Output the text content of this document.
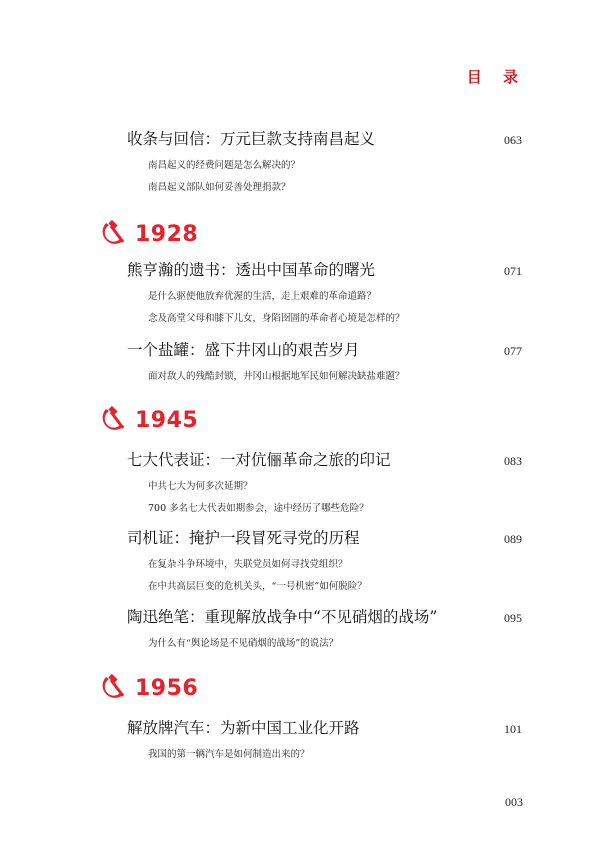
目 录
收条与回信：万元巨款支持南昌起义	063
南昌起义的经费问题是怎么解决的？
南昌起义部队如何妥善处理捐款？
1928
熊亨瀚的遗书：透出中国革命的曙光	071
是什么驱使他放弃优渥的生活，走上艰难的革命道路？
念及高堂父母和膝下儿女，身陷囹圄的革命者心境是怎样的？
一个盐罐：盛下井冈山的艰苦岁月	077
面对敌人的残酷封锁，井冈山根据地军民如何解决缺盐难题？
1945
七大代表证：一对伉俪革命之旅的印记	083
中共七大为何多次延期？
700 多名七大代表如期参会，途中经历了哪些危险？
司机证：掩护一段冒死寻党的历程	089
在复杂斗争环境中，失联党员如何寻找党组织？
在中共高层巨变的危机关头，“一号机密”如何脱险？
陶迅绝笔：重现解放战争中“不见硝烟的战场”	095
为什么有“舆论场是不见硝烟的战场”的说法？
1956
解放牌汽车：为新中国工业化开路	101
我国的第一辆汽车是如何制造出来的？
003
